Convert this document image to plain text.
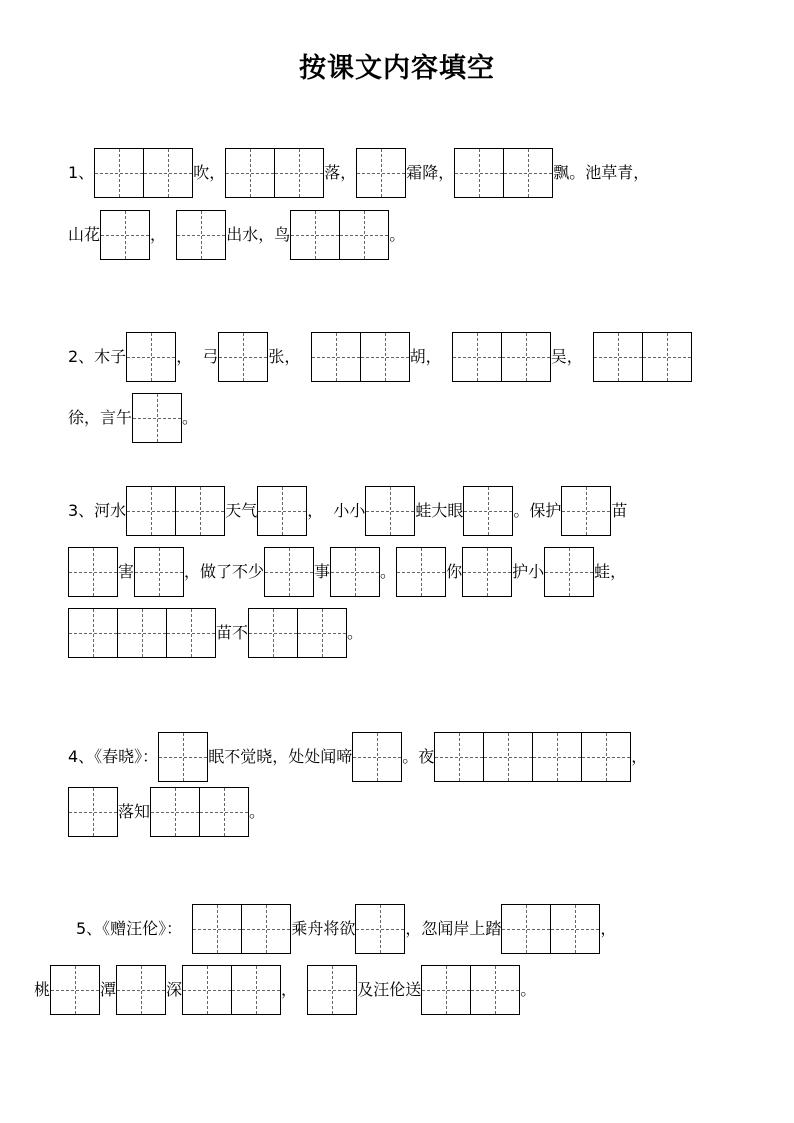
按课文内容填空
1、	吹，	落，	霜降，	飘。池草青，
山花	，	出水，鸟	。
2、木子	，  弓	张，	胡，	吴，
徐，言午	。
3、河水	天气	，  小小	蛙大眼	。保护	苗
害	，做了不少	事	。	你	护小	蛙，
苗不	。
4、《春晓》：	眠不觉晓，处处闻啼	。夜	，
落知	。
5、《赠汪伦》：	乘舟将欲	，忽闻岸上踏	，
桃	潭	深	，	及汪伦送	。
